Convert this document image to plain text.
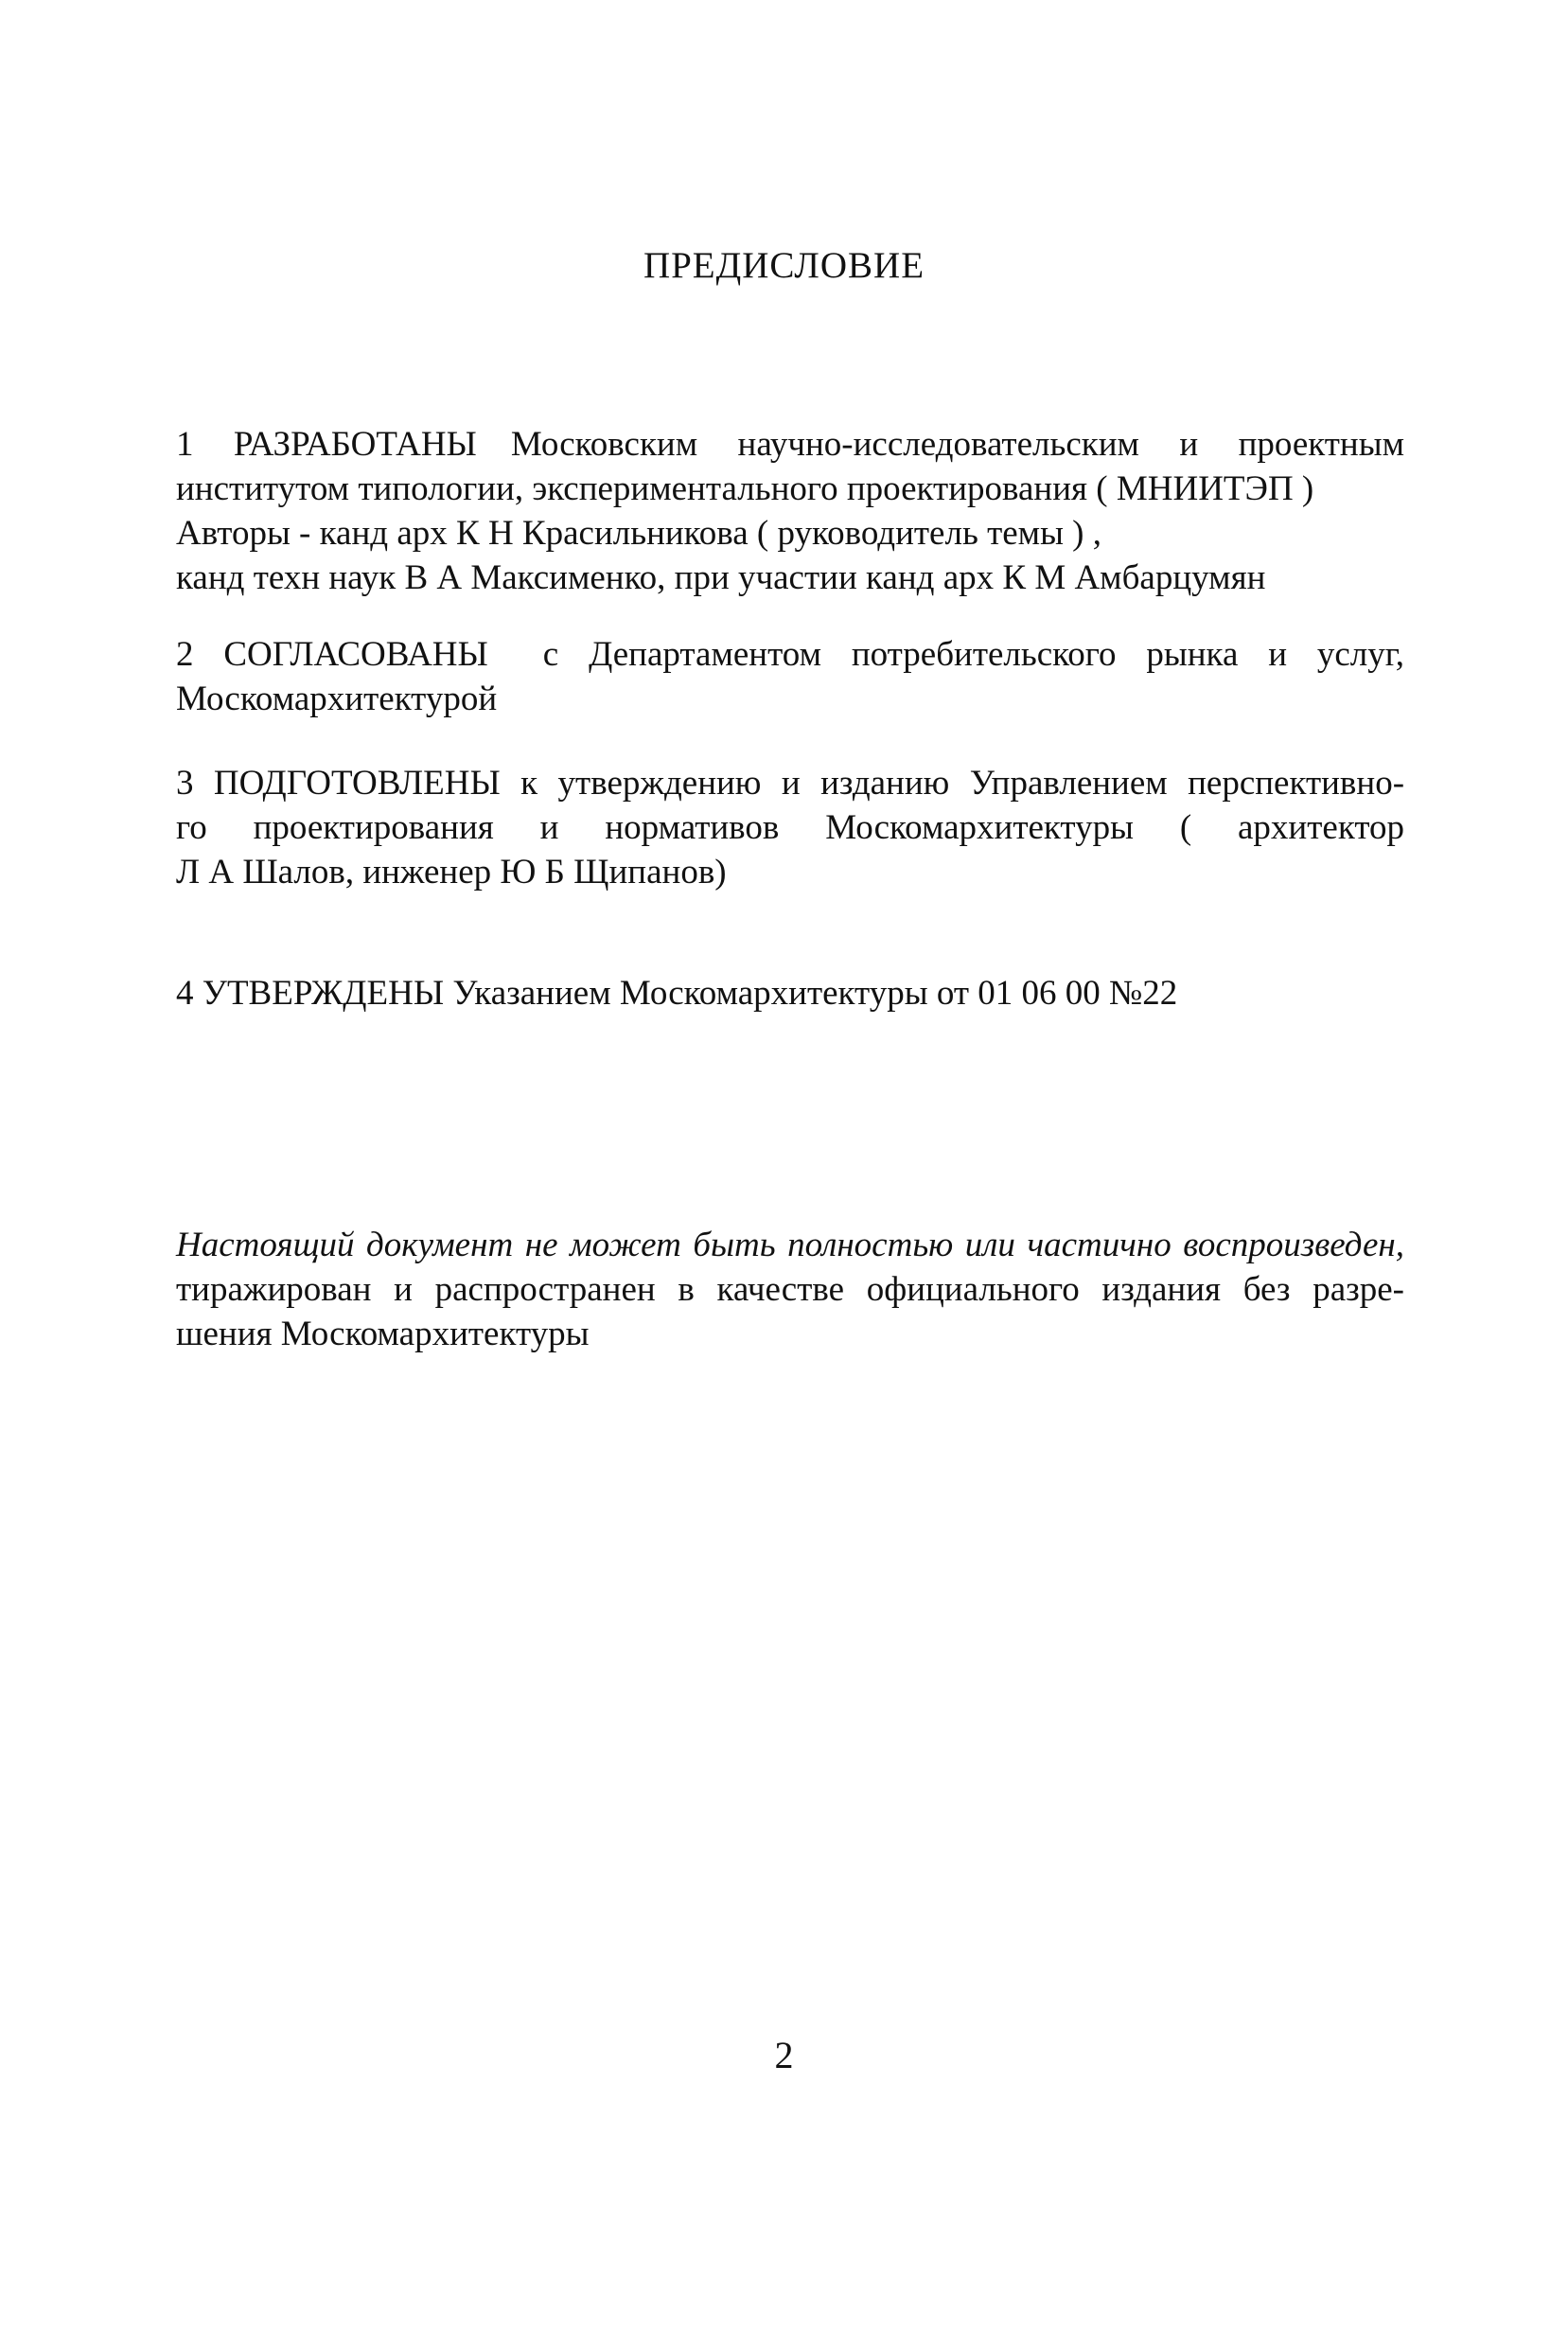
ПРЕДИСЛОВИЕ
1 РАЗРАБОТАНЫ Московским научно-исследовательским и проектным
институтом типологии, экспериментального проектирования ( МНИИТЭП )
Авторы - канд арх К Н Красильникова ( руководитель темы ) ,
канд техн наук В А Максименко, при участии канд арх К М Амбарцумян
2 СОГЛАСОВАНЫ с Департаментом потребительского рынка и услуг,
Москомархитектурой
3 ПОДГОТОВЛЕНЫ к утверждению и изданию Управлением перспективно-
го проектирования и нормативов Москомархитектуры ( архитектор
Л А Шалов, инженер Ю Б Щипанов)
4 УТВЕРЖДЕНЫ Указанием Москомархитектуры от 01 06 00 №22
Настоящий документ не может быть полностью или частично воспроизведен,
тиражирован и распространен в качестве официального издания без разре-
шения Москомархитектуры
2
